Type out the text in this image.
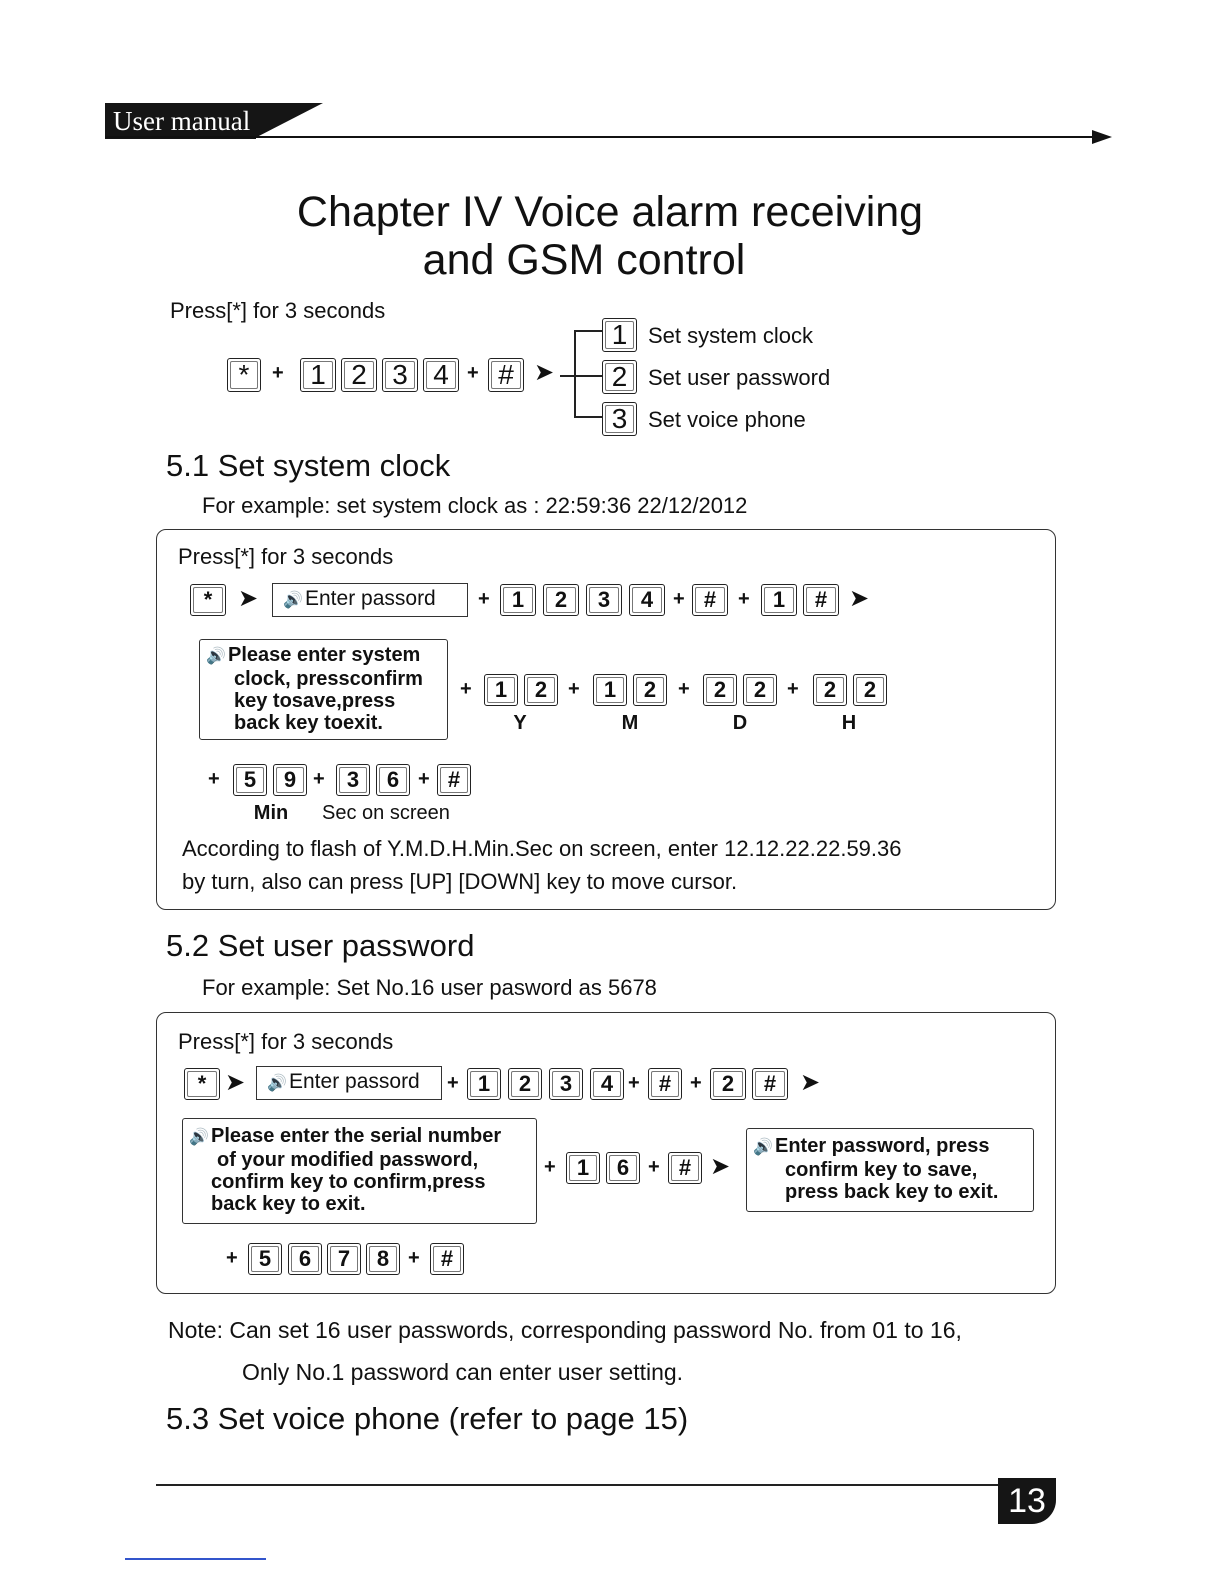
User manual
Chapter IV Voice alarm receiving
and GSM control
Press[*] for 3 seconds
*	+ 1 2 3 4 + # ➤
1 Set system clock
2 Set user password
3 Set voice phone
5.1 Set system clock
For example: set system clock as : 22:59:36 22/12/2012
Press[*] for 3 seconds
*	➤	🔊Enter passord	+	1	2	3	4 + #	+	1	# ➤
🔊 Please enter system
clock, pressconfirm
key tosave,press
back key toexit.
+	1	2	+	1	2	+	2	2	+	2	2
Y	M	D	H
+	5	9 +	3	6 + #
Min	Sec on screen
According to flash of Y.M.D.H.Min.Sec on screen, enter 12.12.22.22.59.36
by turn, also can press [UP] [DOWN] key to move cursor.
5.2 Set user password
For example: Set No.16 user pasword as 5678
Press[*] for 3 seconds
* ➤	🔊Enter passord	+ 1	2	3	4 + # + 2	# ➤
🔊 Please enter the serial number
of your modified password,
confirm key to confirm,press
back key to exit.
+ 1	6 + # ➤
🔊 Enter password, press
confirm key to save,
press back key to exit.
+ 5	6	7	8 + #
Note: Can set 16 user passwords, corresponding password No. from 01 to 16,
Only No.1 password can enter user setting.
5.3 Set voice phone (refer to page 15)
13
